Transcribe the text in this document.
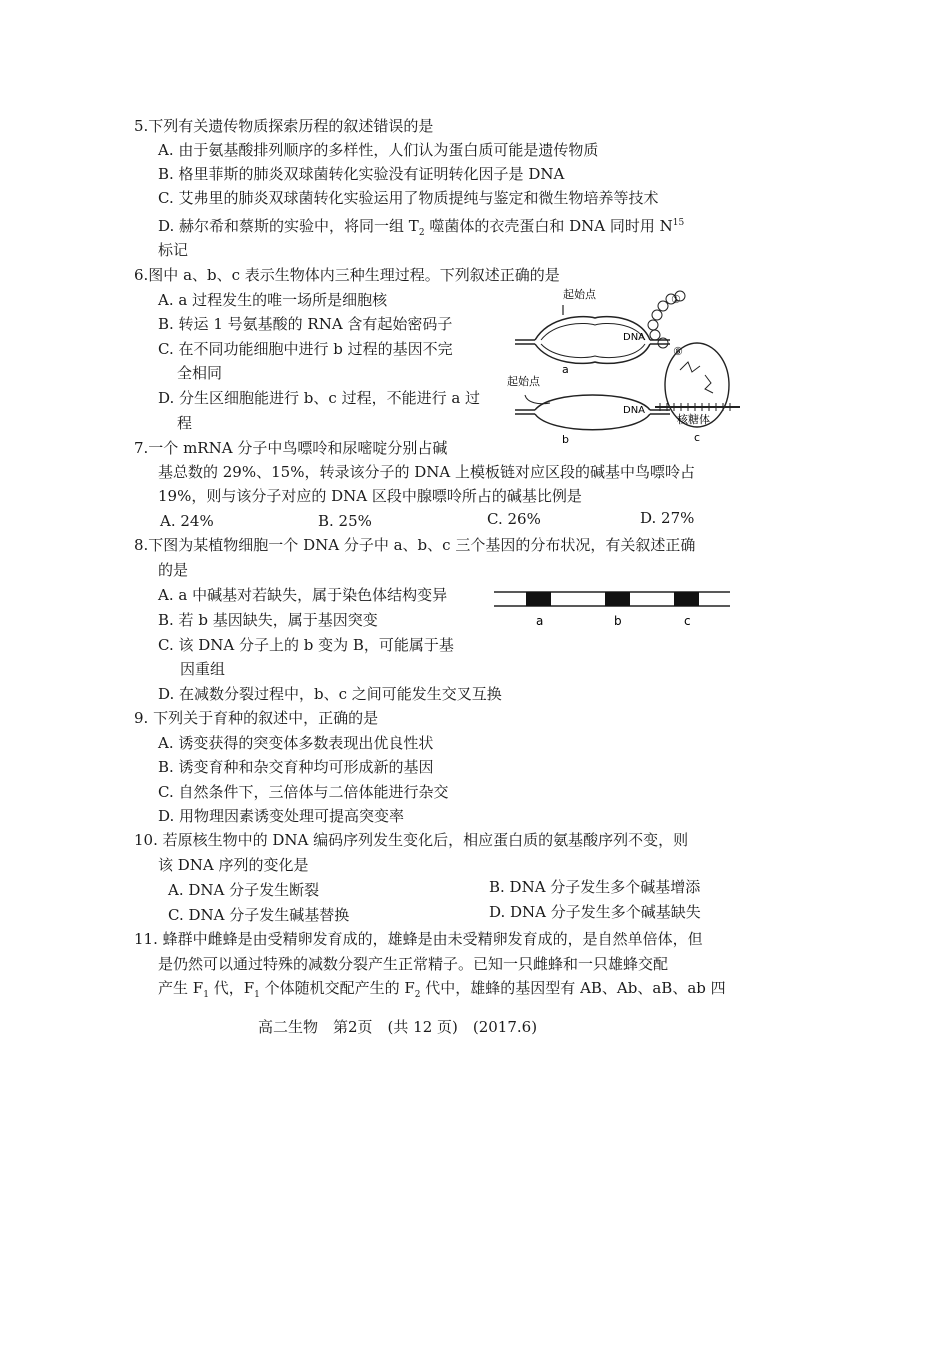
5.下列有关遗传物质探索历程的叙述错误的是
A. 由于氨基酸排列顺序的多样性，人们认为蛋白质可能是遗传物质
B. 格里菲斯的肺炎双球菌转化实验没有证明转化因子是 DNA
C. 艾弗里的肺炎双球菌转化实验运用了物质提纯与鉴定和微生物培养等技术
D. 赫尔希和蔡斯的实验中，将同一组 $T_2$ 噬菌体的衣壳蛋白和 DNA 同时用 $N^{15}$
标记
6.图中 a、b、c 表示生物体内三种生理过程。下列叙述正确的是
A. a 过程发生的唯一场所是细胞核
B. 转运 1 号氨基酸的 RNA 含有起始密码子
C. 在不同功能细胞中进行 b 过程的基因不完
全相同
D. 分生区细胞能进行 b、c 过程，不能进行 a 过
程
起始点
DNA
a
起始点
DNA
b
①
⑧
核糖体
c
7.一个 mRNA 分子中鸟嘌呤和尿嘧啶分别占碱
基总数的 29%、15%，转录该分子的 DNA 上模板链对应区段的碱基中鸟嘌呤占
19%，则与该分子对应的 DNA 区段中腺嘌呤所占的碱基比例是
A. 24%	B. 25%	C. 26%	D. 27%
8.下图为某植物细胞一个 DNA 分子中 a、b、c 三个基因的分布状况，有关叙述正确
的是
A. a 中碱基对若缺失，属于染色体结构变异
B. 若 b 基因缺失，属于基因突变
C. 该 DNA 分子上的 b 变为 B，可能属于基
因重组
D. 在减数分裂过程中，b、c 之间可能发生交叉互换
a	b	c
9. 下列关于育种的叙述中，正确的是
A. 诱变获得的突变体多数表现出优良性状
B. 诱变育种和杂交育种均可形成新的基因
C. 自然条件下，三倍体与二倍体能进行杂交
D. 用物理因素诱变处理可提高突变率
10. 若原核生物中的 DNA 编码序列发生变化后，相应蛋白质的氨基酸序列不变，则
该 DNA 序列的变化是
A. DNA 分子发生断裂	B. DNA 分子发生多个碱基增添
C. DNA 分子发生碱基替换	D. DNA 分子发生多个碱基缺失
11. 蜂群中雌蜂是由受精卵发育成的，雄蜂是由未受精卵发育成的，是自然单倍体，但
是仍然可以通过特殊的减数分裂产生正常精子。已知一只雌蜂和一只雄蜂交配
产生 $F_1$ 代，$F_1$ 个体随机交配产生的 $F_2$ 代中，雄蜂的基因型有 AB、Ab、aB、ab 四
高二生物　第2页　(共 12 页)　(2017.6)
